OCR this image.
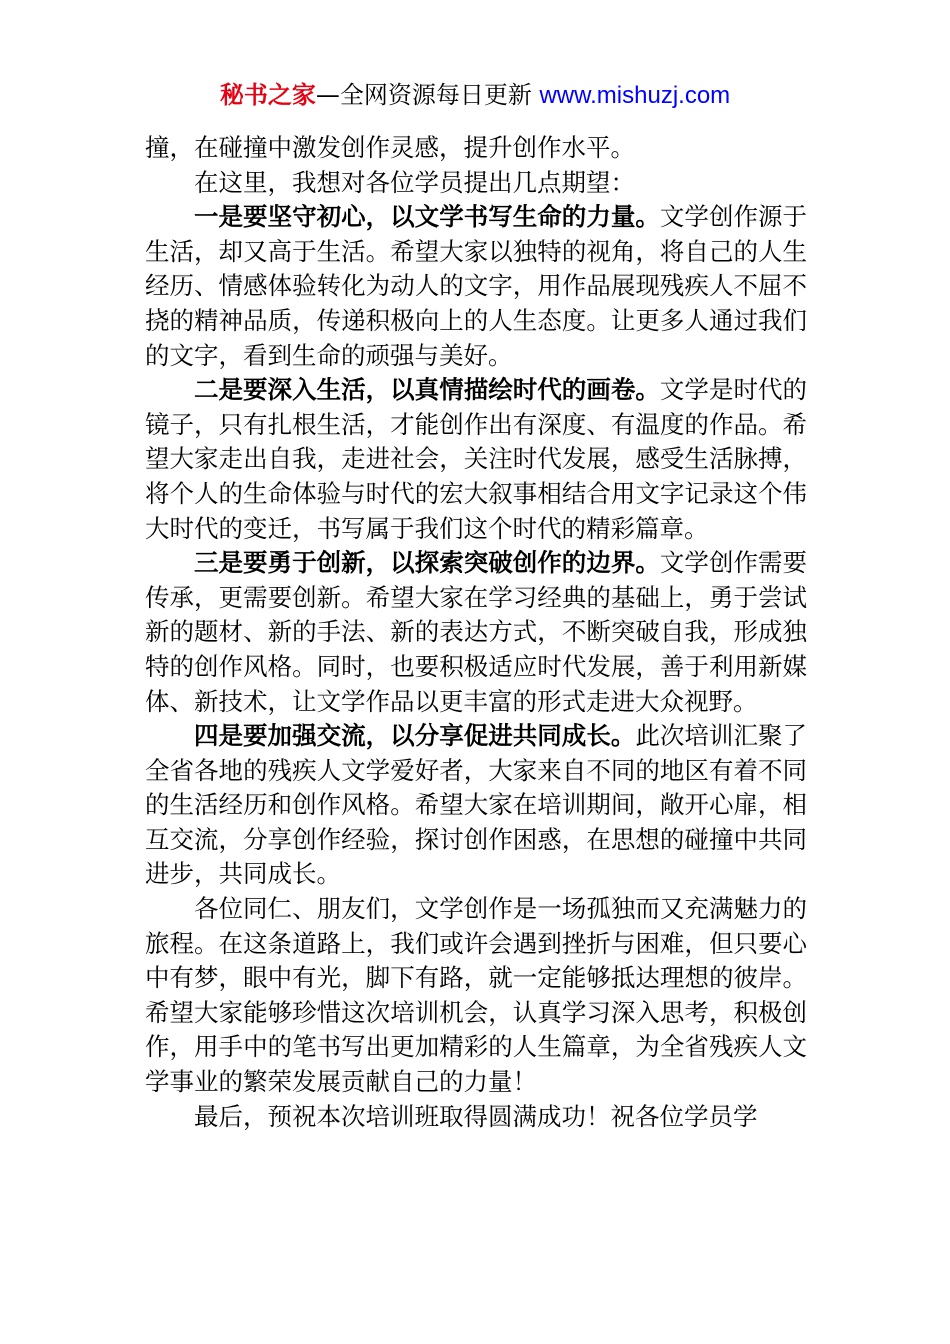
秘书之家—全网资源每日更新 www.mishuzj.com

撞，在碰撞中激发创作灵感，提升创作水平。

在这里，我想对各位学员提出几点期望：

一是要坚守初心，以文学书写生命的力量。文学创作源于生活，却又高于生活。希望大家以独特的视角，将自己的人生经历、情感体验转化为动人的文字，用作品展现残疾人不屈不挠的精神品质，传递积极向上的人生态度。让更多人通过我们的文字，看到生命的顽强与美好。

二是要深入生活，以真情描绘时代的画卷。文学是时代的镜子，只有扎根生活，才能创作出有深度、有温度的作品。希望大家走出自我，走进社会，关注时代发展，感受生活脉搏，将个人的生命体验与时代的宏大叙事相结合用文字记录这个伟大时代的变迁，书写属于我们这个时代的精彩篇章。

三是要勇于创新，以探索突破创作的边界。文学创作需要传承，更需要创新。希望大家在学习经典的基础上，勇于尝试新的题材、新的手法、新的表达方式，不断突破自我，形成独特的创作风格。同时，也要积极适应时代发展，善于利用新媒体、新技术，让文学作品以更丰富的形式走进大众视野。

四是要加强交流，以分享促进共同成长。此次培训汇聚了全省各地的残疾人文学爱好者，大家来自不同的地区有着不同的生活经历和创作风格。希望大家在培训期间，敞开心扉，相互交流，分享创作经验，探讨创作困惑，在思想的碰撞中共同进步，共同成长。

各位同仁、朋友们，文学创作是一场孤独而又充满魅力的旅程。在这条道路上，我们或许会遇到挫折与困难，但只要心中有梦，眼中有光，脚下有路，就一定能够抵达理想的彼岸。希望大家能够珍惜这次培训机会，认真学习深入思考，积极创作，用手中的笔书写出更加精彩的人生篇章，为全省残疾人文学事业的繁荣发展贡献自己的力量！

最后，预祝本次培训班取得圆满成功！祝各位学员学
